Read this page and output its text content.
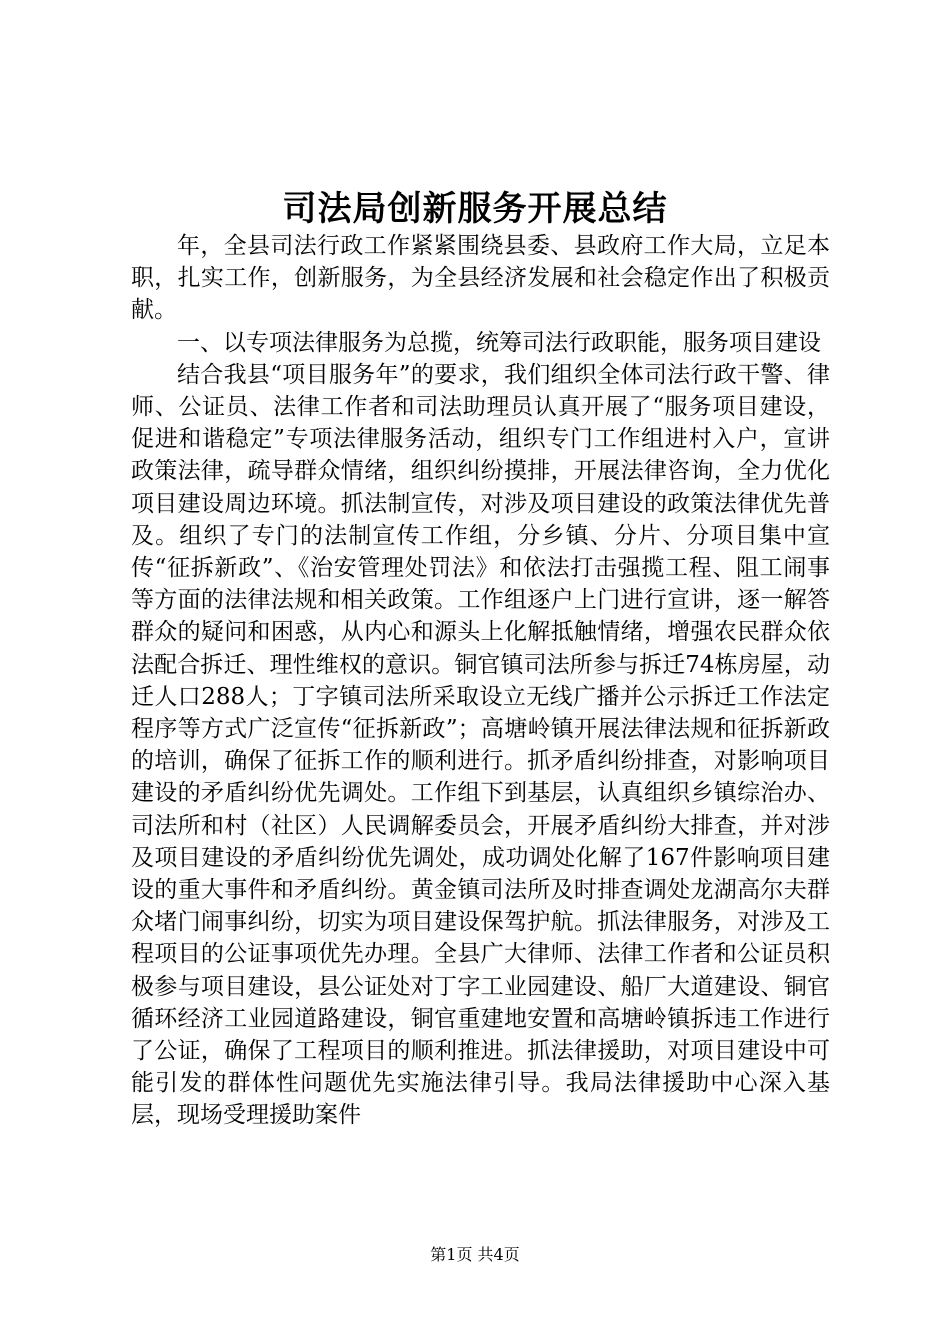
司法局创新服务开展总结

年，全县司法行政工作紧紧围绕县委、县政府工作大局，立足本职，扎实工作，创新服务，为全县经济发展和社会稳定作出了积极贡献。

一、以专项法律服务为总揽，统筹司法行政职能，服务项目建设

结合我县“项目服务年”的要求，我们组织全体司法行政干警、律师、公证员、法律工作者和司法助理员认真开展了“服务项目建设，促进和谐稳定”专项法律服务活动，组织专门工作组进村入户，宣讲政策法律，疏导群众情绪，组织纠纷摸排，开展法律咨询，全力优化项目建设周边环境。抓法制宣传，对涉及项目建设的政策法律优先普及。组织了专门的法制宣传工作组，分乡镇、分片、分项目集中宣传“征拆新政”、《治安管理处罚法》和依法打击强揽工程、阻工闹事等方面的法律法规和相关政策。工作组逐户上门进行宣讲，逐一解答群众的疑问和困惑，从内心和源头上化解抵触情绪，增强农民群众依法配合拆迁、理性维权的意识。铜官镇司法所参与拆迁74栋房屋，动迁人口288人；丁字镇司法所采取设立无线广播并公示拆迁工作法定程序等方式广泛宣传“征拆新政”；高塘岭镇开展法律法规和征拆新政的培训，确保了征拆工作的顺利进行。抓矛盾纠纷排查，对影响项目建设的矛盾纠纷优先调处。工作组下到基层，认真组织乡镇综治办、司法所和村（社区）人民调解委员会，开展矛盾纠纷大排查，并对涉及项目建设的矛盾纠纷优先调处，成功调处化解了167件影响项目建设的重大事件和矛盾纠纷。黄金镇司法所及时排查调处龙湖高尔夫群众堵门闹事纠纷，切实为项目建设保驾护航。抓法律服务，对涉及工程项目的公证事项优先办理。全县广大律师、法律工作者和公证员积极参与项目建设，县公证处对丁字工业园建设、船厂大道建设、铜官循环经济工业园道路建设，铜官重建地安置和高塘岭镇拆违工作进行了公证，确保了工程项目的顺利推进。抓法律援助，对项目建设中可能引发的群体性问题优先实施法律引导。我局法律援助中心深入基层，现场受理援助案件

第1页 共4页
